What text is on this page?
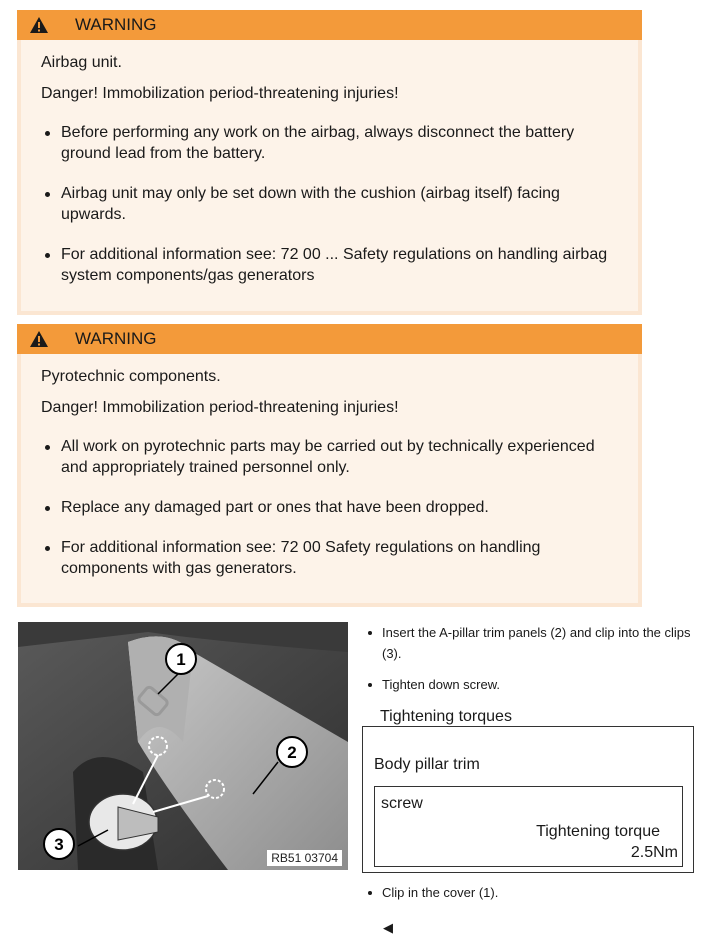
WARNING
Airbag unit.
Danger! Immobilization period-threatening injuries!
Before performing any work on the airbag, always disconnect the battery ground lead from the battery.
Airbag unit may only be set down with the cushion (airbag itself) facing upwards.
For additional information see: 72 00 ... Safety regulations on handling airbag system components/gas generators
WARNING
Pyrotechnic components.
Danger! Immobilization period-threatening injuries!
All work on pyrotechnic parts may be carried out by technically experienced and appropriately trained personnel only.
Replace any damaged part or ones that have been dropped.
For additional information see: 72 00 Safety regulations on handling components with gas generators.
1
2
3
RB51 03704
Insert the A-pillar trim panels (2) and clip into the clips (3).
Tighten down screw.
Tightening torques
Body pillar trim
screw
Tightening torque
2.5Nm
Clip in the cover (1).
◀
